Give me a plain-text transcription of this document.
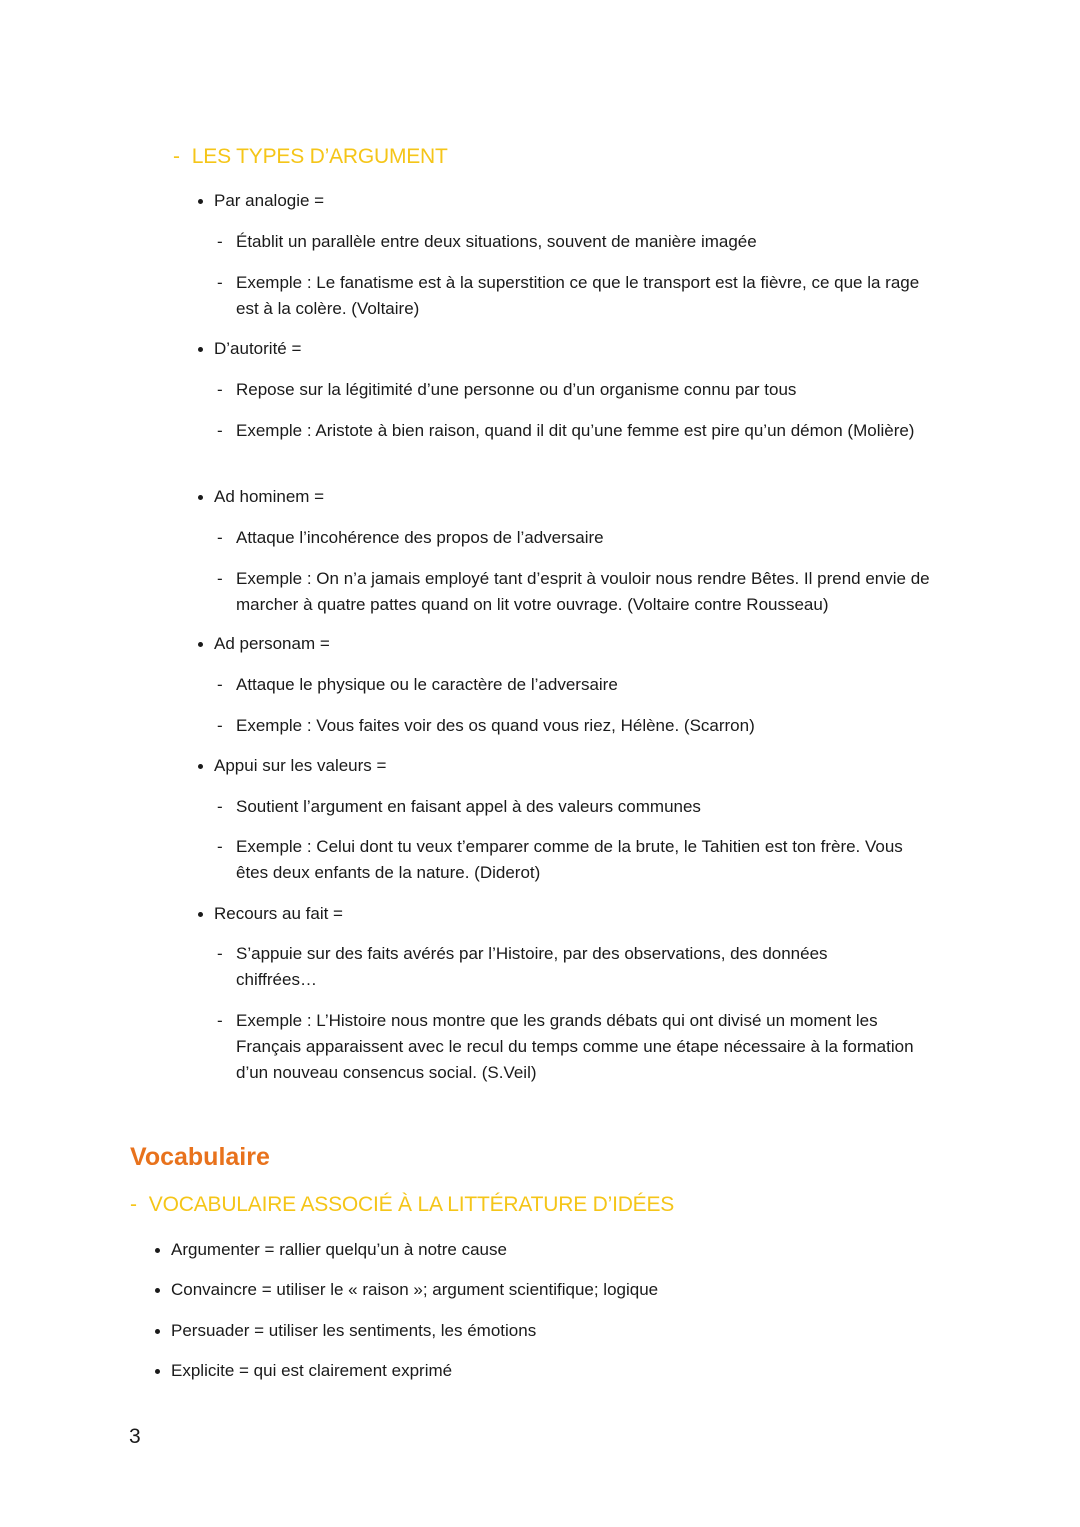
- LES TYPES D’ARGUMENT
Par analogie =
- Établit un parallèle entre deux situations, souvent de manière imagée
- Exemple : Le fanatisme est à la superstition ce que le transport est la fièvre, ce que la rage est à la colère. (Voltaire)
D’autorité =
- Repose sur la légitimité d’une personne ou d’un organisme connu par tous
- Exemple : Aristote à bien raison, quand il dit qu’une femme est pire qu’un démon (Molière)
Ad hominem =
- Attaque l’incohérence des propos de l’adversaire
- Exemple : On n’a jamais employé tant d’esprit à vouloir nous rendre Bêtes. Il prend envie de marcher à quatre pattes quand on lit votre ouvrage. (Voltaire contre Rousseau)
Ad personam =
- Attaque le physique ou le caractère de l’adversaire
- Exemple : Vous faites voir des os quand vous riez, Hélène. (Scarron)
Appui sur les valeurs =
- Soutient l’argument en faisant appel à des valeurs communes
- Exemple : Celui dont tu veux t’emparer comme de la brute, le Tahitien est ton frère. Vous êtes deux enfants de la nature. (Diderot)
Recours au fait =
- S’appuie sur des faits avérés par l’Histoire, par des observations, des données chiffrées…
- Exemple : L’Histoire nous montre que les grands débats qui ont divisé un moment les Français apparaissent avec le recul du temps comme une étape nécessaire à la formation d’un nouveau consencus social. (S.Veil)
Vocabulaire
- VOCABULAIRE ASSOCIÉ À LA LITTÉRATURE D’IDÉES
Argumenter = rallier quelqu’un à notre cause
Convaincre = utiliser le « raison »; argument scientifique; logique
Persuader = utiliser les sentiments, les émotions
Explicite = qui est clairement exprimé
3
